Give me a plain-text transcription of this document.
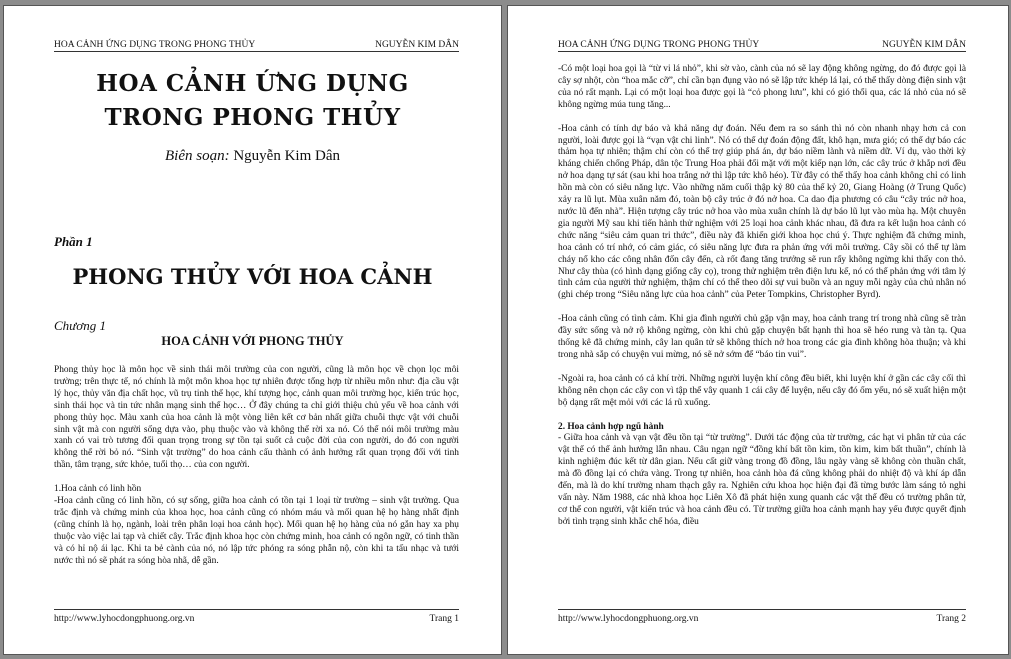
HOA CẢNH ỨNG DỤNG TRONG PHONG THỦY	NGUYỄN KIM DÂN
HOA CẢNH ỨNG DỤNG
TRONG PHONG THỦY
Biên soạn: Nguyễn Kim Dân
Phần 1
PHONG THỦY VỚI HOA CẢNH
Chương 1
HOA CẢNH VỚI PHONG THỦY

Phong thủy học là môn học về sinh thái môi trường của con người, cũng là môn học về chọn lọc môi trường; trên thực tế, nó chính là một môn khoa học tự nhiên được tổng hợp từ nhiều môn như: địa cầu vật lý học, thủy văn địa chất học, vũ trụ tinh thể học, khí tượng học, cảnh quan môi trường học, kiến trúc học, sinh thái học và tin tức nhân mạng sinh thể học… Ở đây chúng ta chỉ giới thiệu chủ yếu về hoa cảnh với phong thủy học. Màu xanh của hoa cảnh là một vòng liên kết cơ bản nhất giữa chuỗi thực vật với chuỗi sinh vật mà con người sống dựa vào, phụ thuộc vào và không thể rời xa nó. Có thể nói môi trường màu xanh có vai trò tương đối quan trọng trong sự tồn tại suốt cả cuộc đời của con người, do đó con người không thể rời bỏ nó. “Sinh vật trường” do hoa cảnh cấu thành có ảnh hưởng rất quan trọng đối với tinh thần, tâm trạng, sức khỏe, tuổi thọ… của con người.

1.Hoa cảnh có linh hồn

-Hoa cảnh cũng có linh hồn, có sự sống, giữa hoa cảnh có tồn tại 1 loại từ trường – sinh vật trường. Qua trắc định và chứng minh của khoa học, hoa cảnh cũng có nhóm máu và mối quan hệ họ hàng nhất định (cũng chính là họ, ngành, loài trên phân loại hoa cảnh học). Mối quan hệ họ hàng của nó gắn hay xa phụ thuộc vào việc lai tạp và chiết cây. Trắc định khoa học còn chứng minh, hoa cảnh có ngôn ngữ, có tinh thần và có hỉ nộ ái lạc. Khi ta bẻ cành của nó, nó lập tức phóng ra sóng phẫn nộ, còn khi ta tấu nhạc và tưới nước thì nó sẽ phát ra sóng hòa nhã, dễ gần.

http://www.lyhocdongphuong.org.vn	Trang 1
HOA CẢNH ỨNG DỤNG TRONG PHONG THỦY	NGUYỄN KIM DÂN

-Có một loại hoa gọi là “từ vi lá nhỏ”, khi sờ vào, cành của nó sẽ lay động không ngừng, do đó được gọi là cây sợ nhột, còn “hoa mắc cỡ”, chỉ cần bạn đụng vào nó sẽ lập tức khép lá lại, có thể thấy dòng điện sinh vật của nó rất mạnh. Lại có một loại hoa được gọi là “cỏ phong lưu”, khi có gió thổi qua, các lá nhỏ của nó sẽ không ngừng múa tung tăng...

-Hoa cảnh có tính dự báo và khả năng dự đoán. Nếu đem ra so sánh thì nó còn nhanh nhạy hơn cả con người, loài được gọi là “vạn vật chi linh”. Nó có thể dự đoán động đất, khô hạn, mưa gió; có thể dự báo các thảm họa tự nhiên; thậm chí còn có thể trợ giúp phá án, dự báo niềm lành và niềm dữ. Ví dụ, vào thời kỳ kháng chiến chống Pháp, dân tộc Trung Hoa phải đối mặt với một kiếp nạn lớn, các cây trúc ở khắp nơi đều nở hoa dạng tự sát (sau khi hoa trắng nở thì lập tức khô héo). Từ đây có thể thấy hoa cảnh không chỉ có linh hồn mà còn có siêu năng lực. Vào những năm cuối thập kỷ 80 của thế kỷ 20, Giang Hoàng (ở Trung Quốc) xảy ra lũ lụt. Mùa xuân năm đó, toàn bộ cây trúc ở đó nở hoa. Ca dao địa phương có câu “cây trúc nở hoa, nước lũ đến nhà”. Hiện tượng cây trúc nở hoa vào mùa xuân chính là dự báo lũ lụt vào mùa hạ. Một chuyên gia người Mỹ sau khi tiến hành thử nghiệm với 25 loại hoa cảnh khác nhau, đã đưa ra kết luận hoa cảnh có chức năng “siêu cảm quan tri thức”, điều này đã khiến giới khoa học chú ý. Thực nghiệm đã chứng minh, hoa cảnh có trí nhớ, có cảm giác, có siêu năng lực đưa ra phản ứng với môi trường. Cây sồi có thể tự làm cháy nổ kho các công nhân đốn cây đến, cà rốt đang tăng trưởng sẽ run rẩy không ngừng khi thấy con thỏ. Như cây thùa (có hình dạng giống cây cọ), trong thử nghiệm trên điện lưu kế, nó có thể phản ứng với tâm lý tình cảm của người thử nghiệm, thậm chí có thể theo dõi sự vui buồn và an nguy mỗi ngày của chủ nhân nó (ghi chép trong “Siêu năng lực của hoa cảnh” của Peter Tompkins, Christopher Byrd).

-Hoa cảnh cũng có tình cảm. Khi gia đình người chủ gặp vận may, hoa cảnh trang trí trong nhà cũng sẽ tràn đầy sức sống và nở rộ không ngừng, còn khi chủ gặp chuyện bất hạnh thì hoa sẽ héo rung và tàn tạ. Qua thống kê đã chứng minh, cây lan quân tử sẽ không thích nở hoa trong các gia đình không hòa thuận; và khi trong nhà sắp có chuyện vui mừng, nó sẽ nở sớm để “báo tin vui”.

-Ngoài ra, hoa cảnh có cả khí trời. Những người luyện khí công đều biết, khi luyện khí ở gần các cây cối thì không nên chọn các cây con vì tập thể vây quanh 1 cái cây để luyện, nếu cây đó ốm yếu, nó sẽ xuất hiện một bộ dạng rất mệt mỏi với các lá rũ xuống.

2. Hoa cảnh hợp ngũ hành

- Giữa hoa cảnh và vạn vật đều tồn tại “từ trường”. Dưới tác động của từ trường, các hạt vi phân tử của các vật thể có thể ảnh hưởng lẫn nhau. Câu ngạn ngữ “đồng khí bất tồn kim, tồn kim, kim bất thuần”, chính là kinh nghiệm đúc kết từ dân gian. Nếu cất giữ vàng trong đồ đồng, lâu ngày vàng sẽ không còn thuần chất, mà đồ đồng lại có chứa vàng. Trong tự nhiên, hoa cảnh hòa đá cũng không phải do nhiệt độ và khí áp dẫn đến, mà là do khí trường nham thạch gây ra. Nghiên cứu khoa học hiện đại đã từng bước làm sáng tỏ nghi vấn này. Năm 1988, các nhà khoa học Liên Xô đã phát hiện xung quanh các vật thể đều có trường phân tử, cơ thể con người, vật kiến trúc và hoa cảnh đều có. Từ trường giữa hoa cảnh mạnh hay yếu được quyết định bởi tình trạng sinh khắc chế hóa, điều

http://www.lyhocdongphuong.org.vn	Trang 2
